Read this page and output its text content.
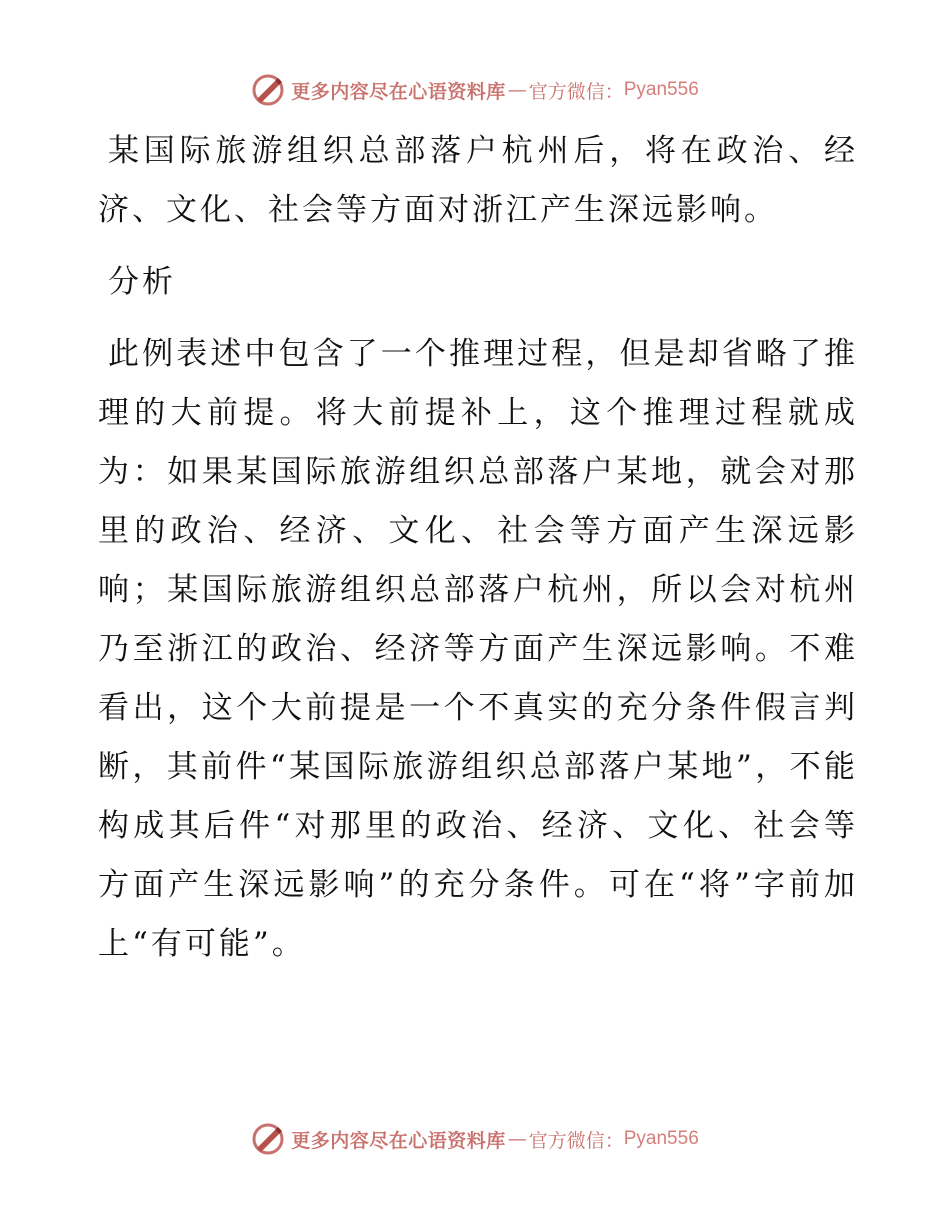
更多内容尽在心语资料库 — 官方微信： Pyan556

某国际旅游组织总部落户杭州后，将在政治、经济、文化、社会等方面对浙江产生深远影响。

分析

此例表述中包含了一个推理过程，但是却省略了推理的大前提。将大前提补上，这个推理过程就成为：如果某国际旅游组织总部落户某地，就会对那里的政治、经济、文化、社会等方面产生深远影响；某国际旅游组织总部落户杭州，所以会对杭州乃至浙江的政治、经济等方面产生深远影响。不难看出，这个大前提是一个不真实的充分条件假言判断，其前件“某国际旅游组织总部落户某地”，不能构成其后件“对那里的政治、经济、文化、社会等方面产生深远影响”的充分条件。可在“将”字前加上“有可能”。

更多内容尽在心语资料库 — 官方微信： Pyan556
